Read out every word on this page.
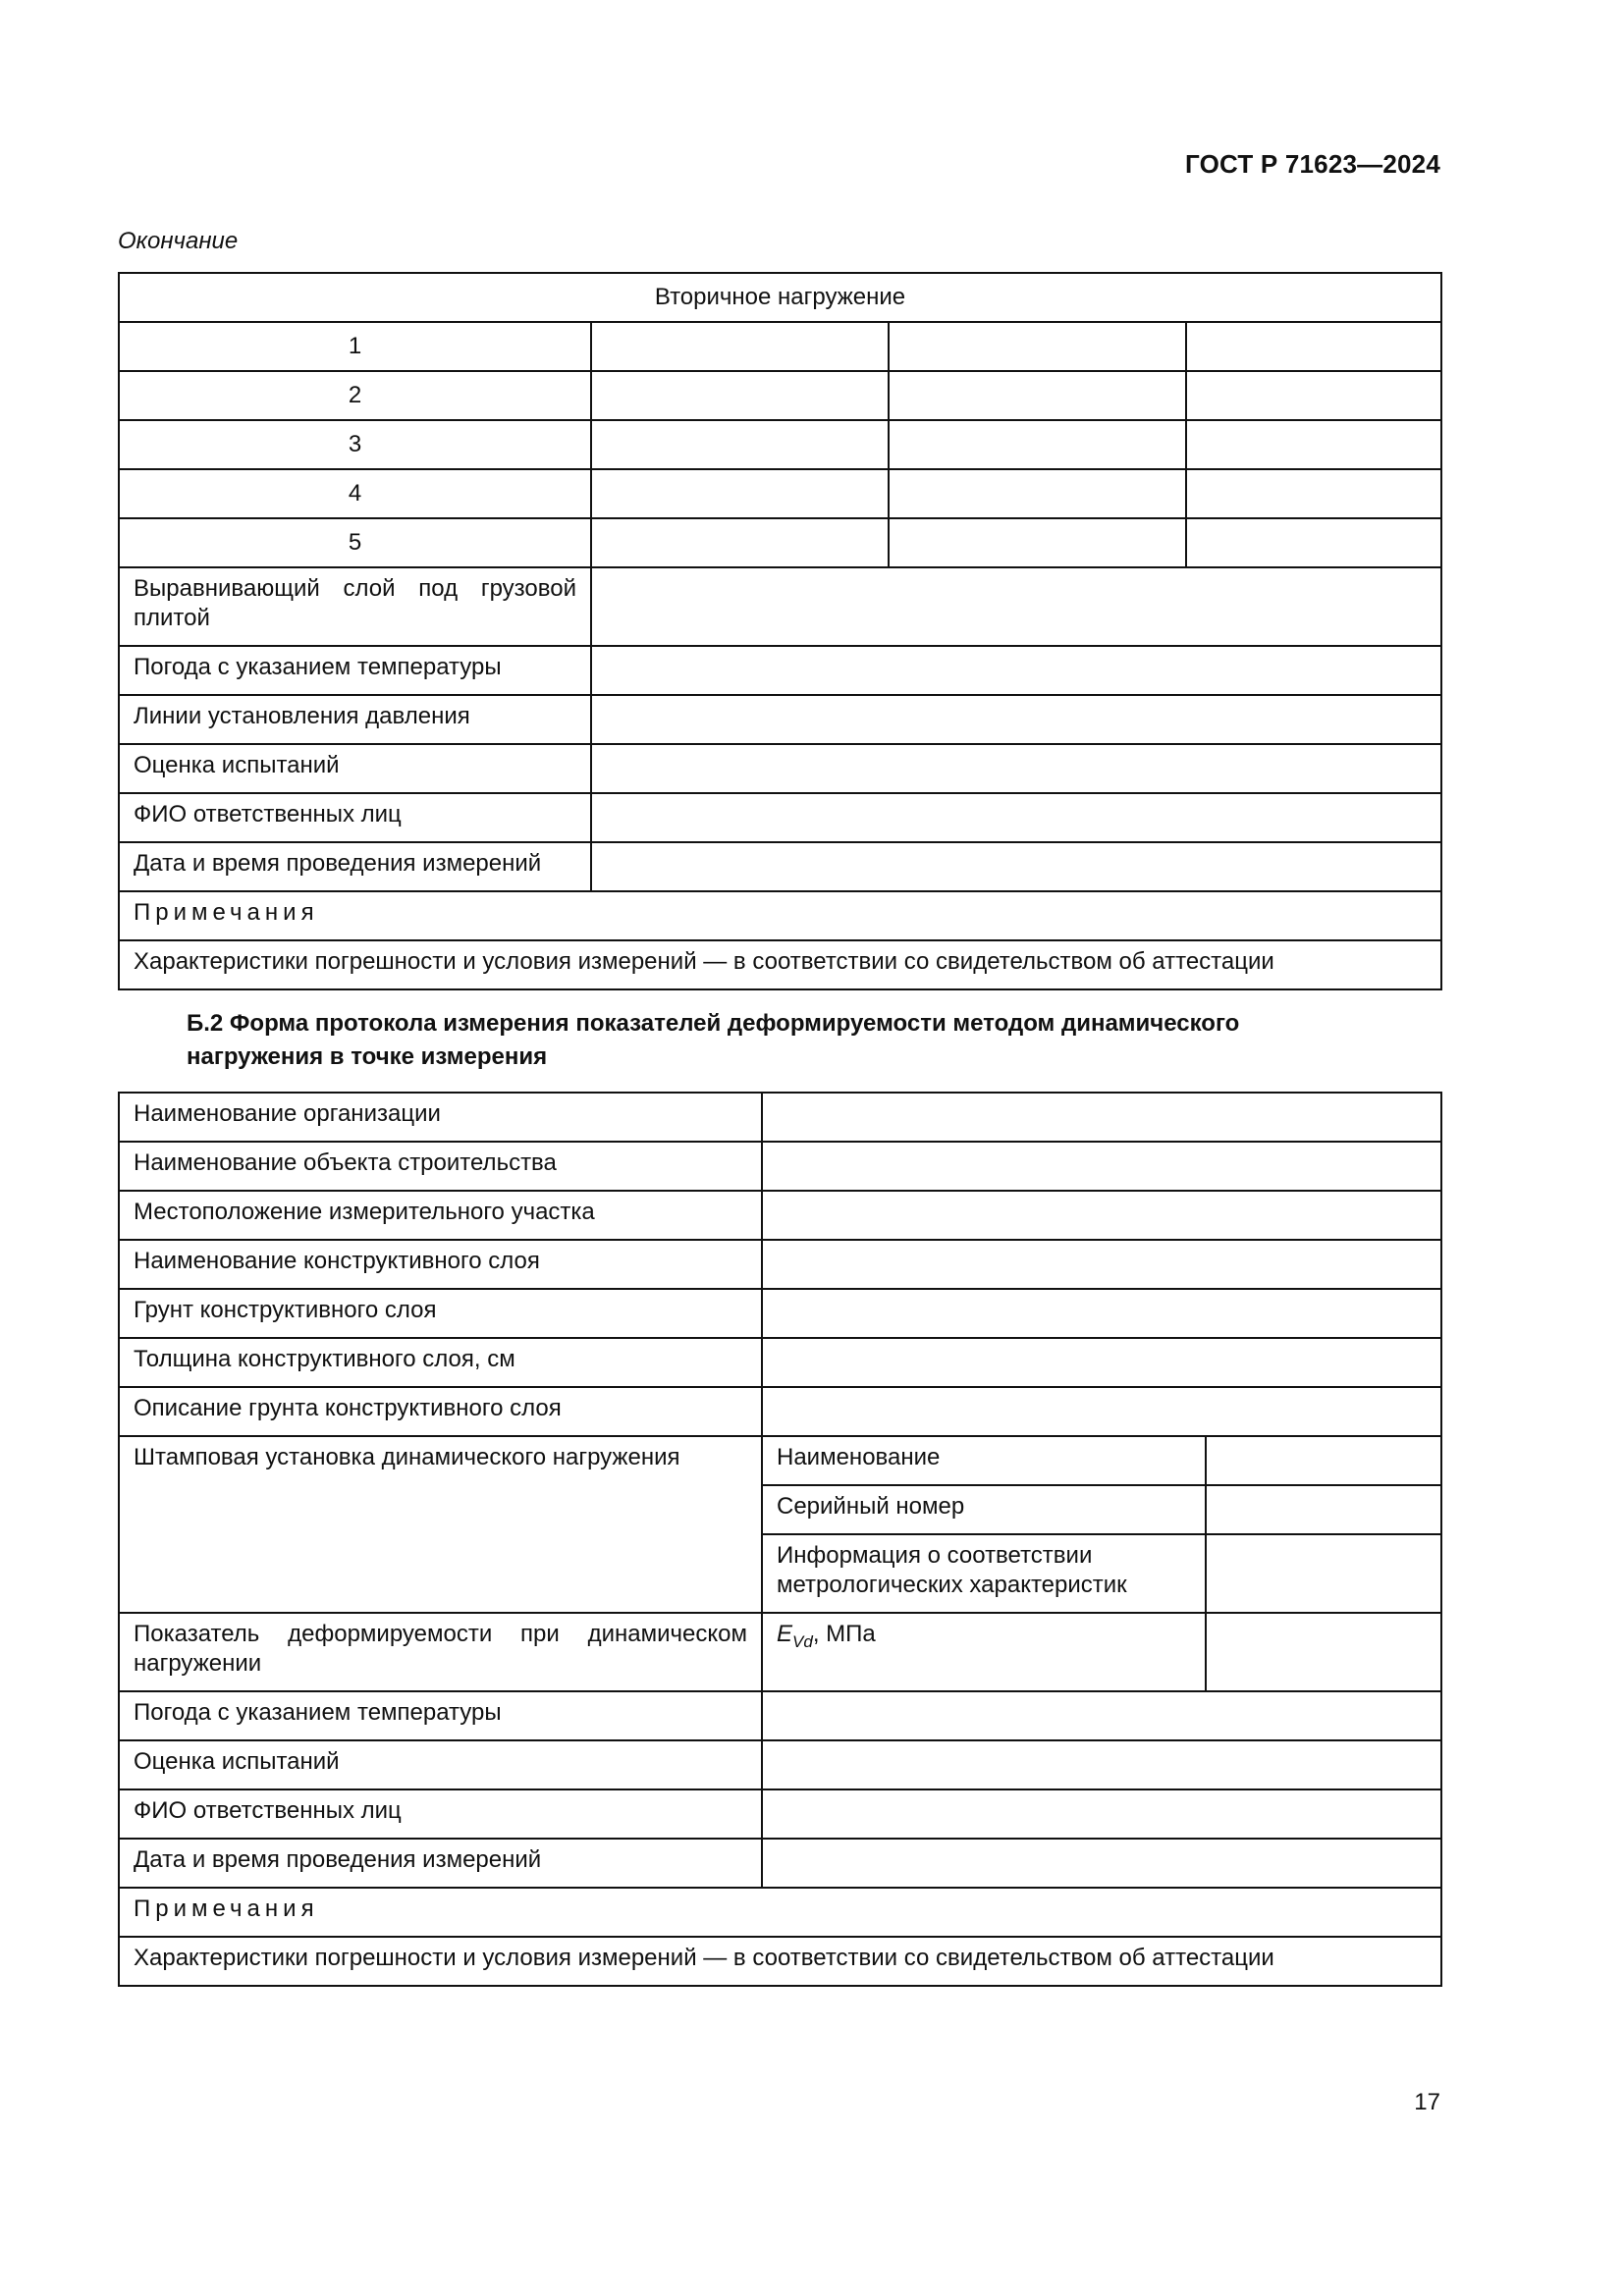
ГОСТ Р 71623—2024
Окончание
Вторичное нагружение			
1			
2			
3			
4			
5			
Выравнивающий слой под грузовой плитой			
Погода с указанием температуры			
Линии установления давления			
Оценка испытаний			
ФИО ответственных лиц			
Дата и время проведения измерений			
Примечания			
Характеристики погрешности и условия измерений — в соответствии со свидетельством об аттестации			
Б.2 Форма протокола измерения показателей деформируемости методом динамического нагружения в точке измерения
Наименование организации		
Наименование объекта строительства		
Местоположение измерительного участка		
Наименование конструктивного слоя		
Грунт конструктивного слоя		
Толщина конструктивного слоя, см		
Описание грунта конструктивного слоя		
Штамповая установка динамического нагружения	Наименование	
	Серийный номер	
	Информация о соответствии метрологических характеристик	
Показатель деформируемости при динамическом нагружении	$E_{Vd}$, МПа	
Погода с указанием температуры		
Оценка испытаний		
ФИО ответственных лиц		
Дата и время проведения измерений		
Примечания		
Характеристики погрешности и условия измерений — в соответствии со свидетельством об аттестации		
17
